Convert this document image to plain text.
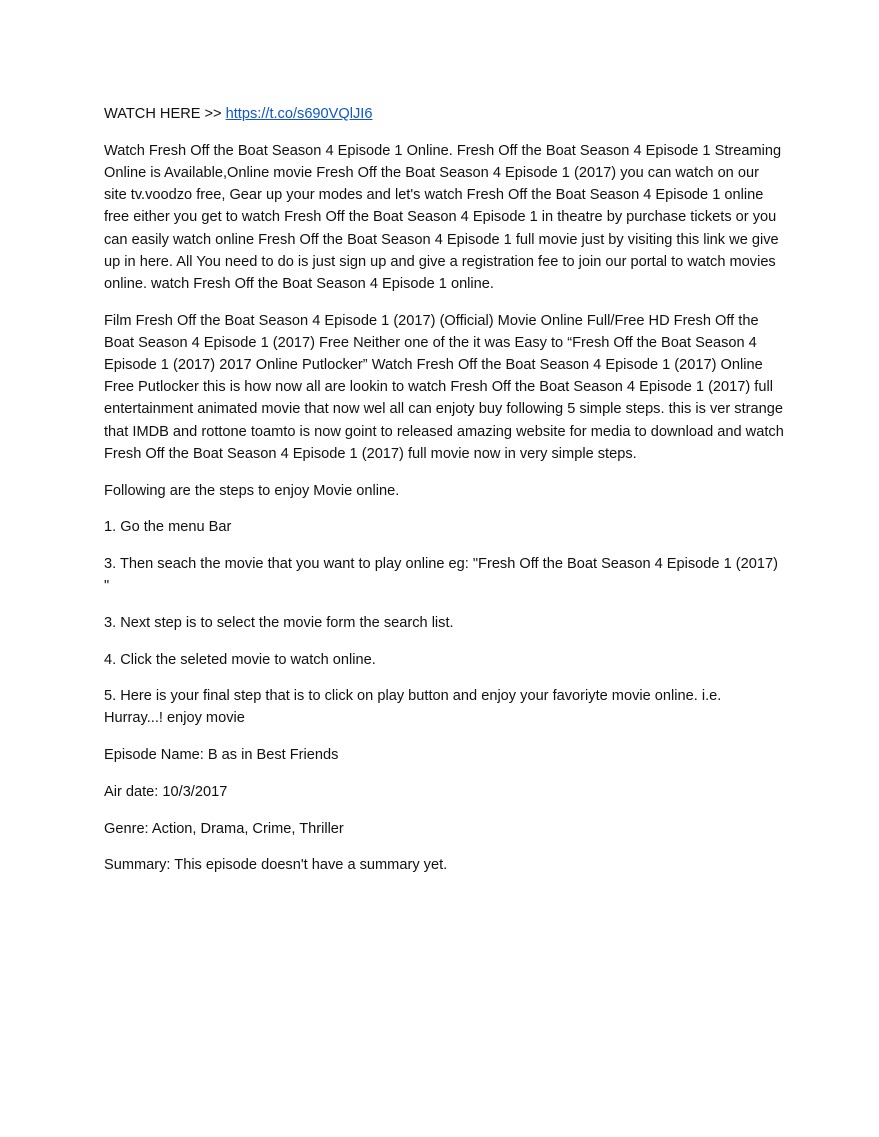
WATCH HERE >> https://t.co/s690VQlJI6

Watch Fresh Off the Boat Season 4 Episode 1 Online. Fresh Off the Boat Season 4 Episode 1 Streaming Online is Available,Online movie Fresh Off the Boat Season 4 Episode 1 (2017) you can watch on our site tv.voodzo free, Gear up your modes and let's watch Fresh Off the Boat Season 4 Episode 1 online free either you get to watch Fresh Off the Boat Season 4 Episode 1 in theatre by purchase tickets or you can easily watch online Fresh Off the Boat Season 4 Episode 1 full movie just by visiting this link we give up in here. All You need to do is just sign up and give a registration fee to join our portal to watch movies online. watch Fresh Off the Boat Season 4 Episode 1 online.

Film Fresh Off the Boat Season 4 Episode 1 (2017) (Official) Movie Online Full/Free HD Fresh Off the Boat Season 4 Episode 1 (2017) Free Neither one of the it was Easy to “Fresh Off the Boat Season 4 Episode 1 (2017) 2017 Online Putlocker” Watch Fresh Off the Boat Season 4 Episode 1 (2017) Online Free Putlocker this is how now all are lookin to watch Fresh Off the Boat Season 4 Episode 1 (2017) full entertainment animated movie that now wel all can enjoty buy following 5 simple steps. this is ver strange that IMDB and rottone toamto is now goint to released amazing website for media to download and watch Fresh Off the Boat Season 4 Episode 1 (2017) full movie now in very simple steps.

Following are the steps to enjoy Movie online.

1. Go the menu Bar

3. Then seach the movie that you want to play online eg: "Fresh Off the Boat Season 4 Episode 1 (2017) "

3. Next step is to select the movie form the search list.

4. Click the seleted movie to watch online.

5. Here is your final step that is to click on play button and enjoy your favoriyte movie online. i.e. Hurray...! enjoy movie

Episode Name: B as in Best Friends

Air date: 10/3/2017

Genre: Action, Drama, Crime, Thriller

Summary: This episode doesn't have a summary yet.
